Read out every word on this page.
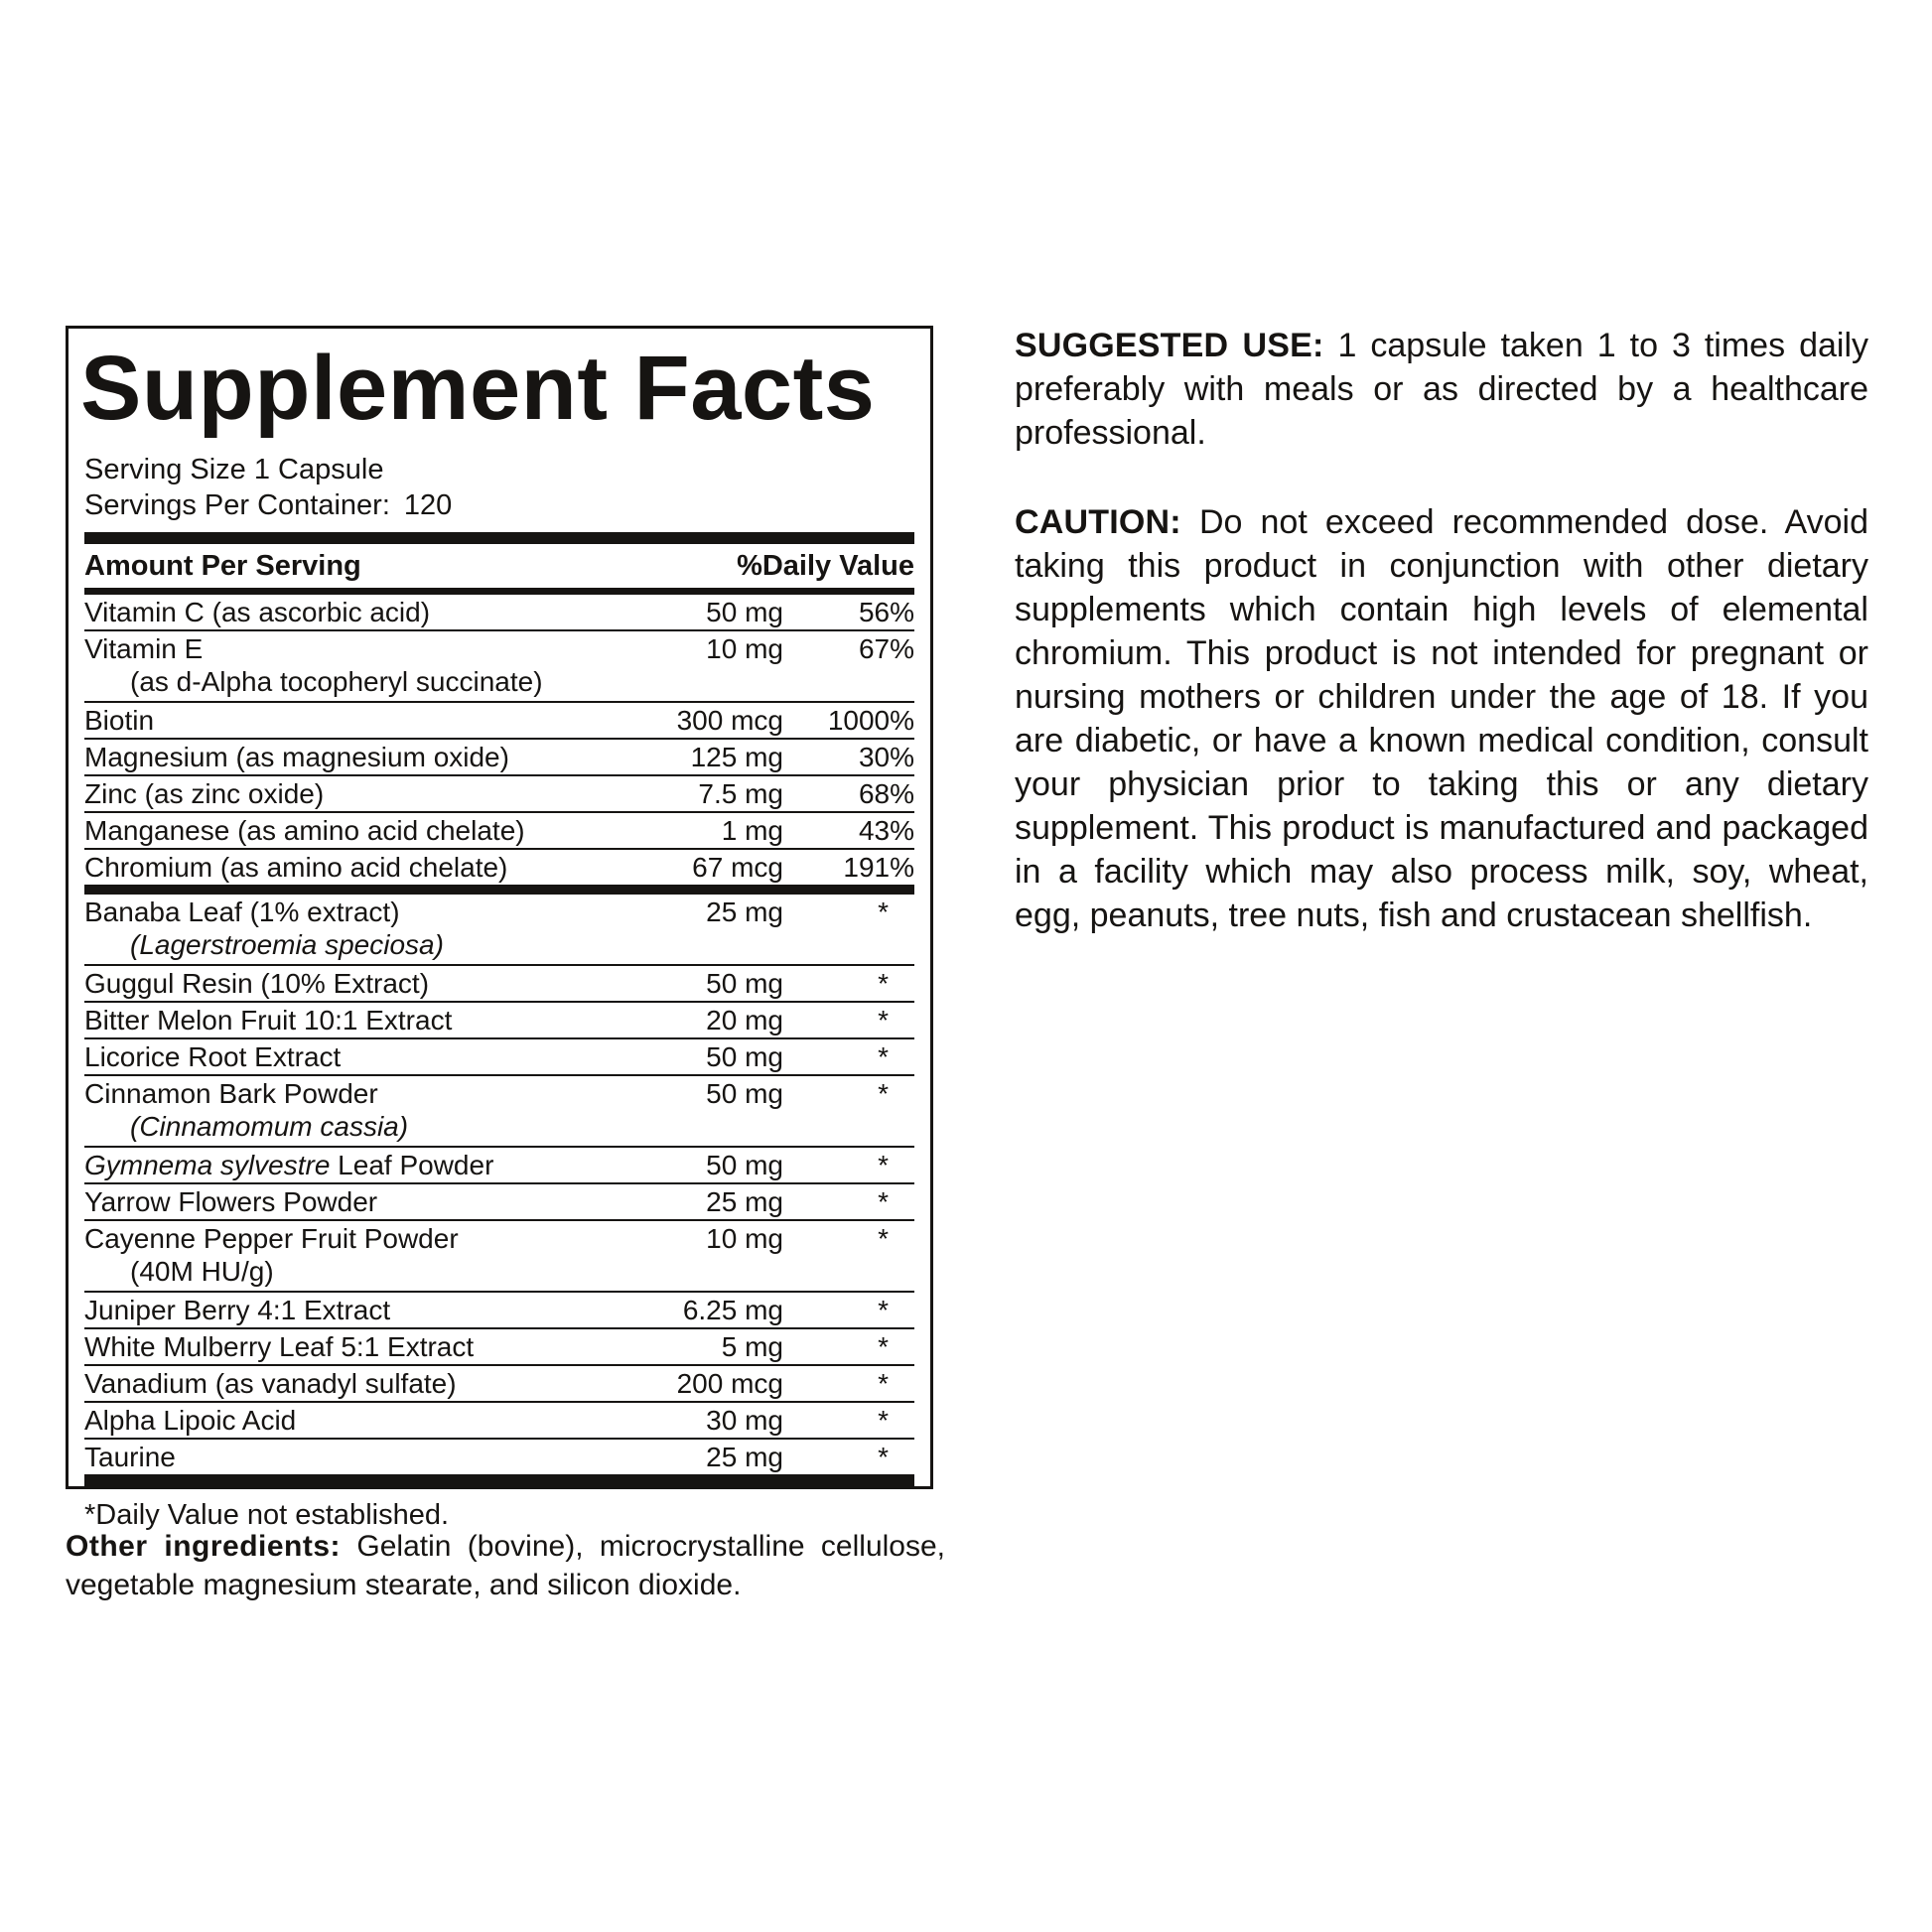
Supplement Facts
Serving Size 1 Capsule
Servings Per Container: 120
Amount Per Serving	%Daily Value
Vitamin C (as ascorbic acid)	50 mg	56%
Vitamin E	10 mg	67%
(as d-Alpha tocopheryl succinate)
Biotin	300 mcg	1000%
Magnesium (as magnesium oxide)	125 mg	30%
Zinc (as zinc oxide)	7.5 mg	68%
Manganese (as amino acid chelate)	1 mg	43%
Chromium (as amino acid chelate)	67 mcg	191%
Banaba Leaf (1% extract)	25 mg	*
(Lagerstroemia speciosa)
Guggul Resin (10% Extract)	50 mg	*
Bitter Melon Fruit 10:1 Extract	20 mg	*
Licorice Root Extract	50 mg	*
Cinnamon Bark Powder	50 mg	*
(Cinnamomum cassia)
Gymnema sylvestre Leaf Powder	50 mg	*
Yarrow Flowers Powder	25 mg	*
Cayenne Pepper Fruit Powder	10 mg	*
(40M HU/g)
Juniper Berry 4:1 Extract	6.25 mg	*
White Mulberry Leaf 5:1 Extract	5 mg	*
Vanadium (as vanadyl sulfate)	200 mcg	*
Alpha Lipoic Acid	30 mg	*
Taurine	25 mg	*
*Daily Value not established.

Other ingredients: Gelatin (bovine), microcrystalline cellulose, vegetable magnesium stearate, and silicon dioxide.

SUGGESTED USE: 1 capsule taken 1 to 3 times daily preferably with meals or as directed by a healthcare professional.

CAUTION: Do not exceed recommended dose. Avoid taking this product in conjunction with other dietary supplements which contain high levels of elemental chromium. This product is not intended for pregnant or nursing mothers or children under the age of 18. If you are diabetic, or have a known medical condition, consult your physician prior to taking this or any dietary supplement. This product is manufactured and packaged in a facility which may also process milk, soy, wheat, egg, peanuts, tree nuts, fish and crustacean shellfish.
